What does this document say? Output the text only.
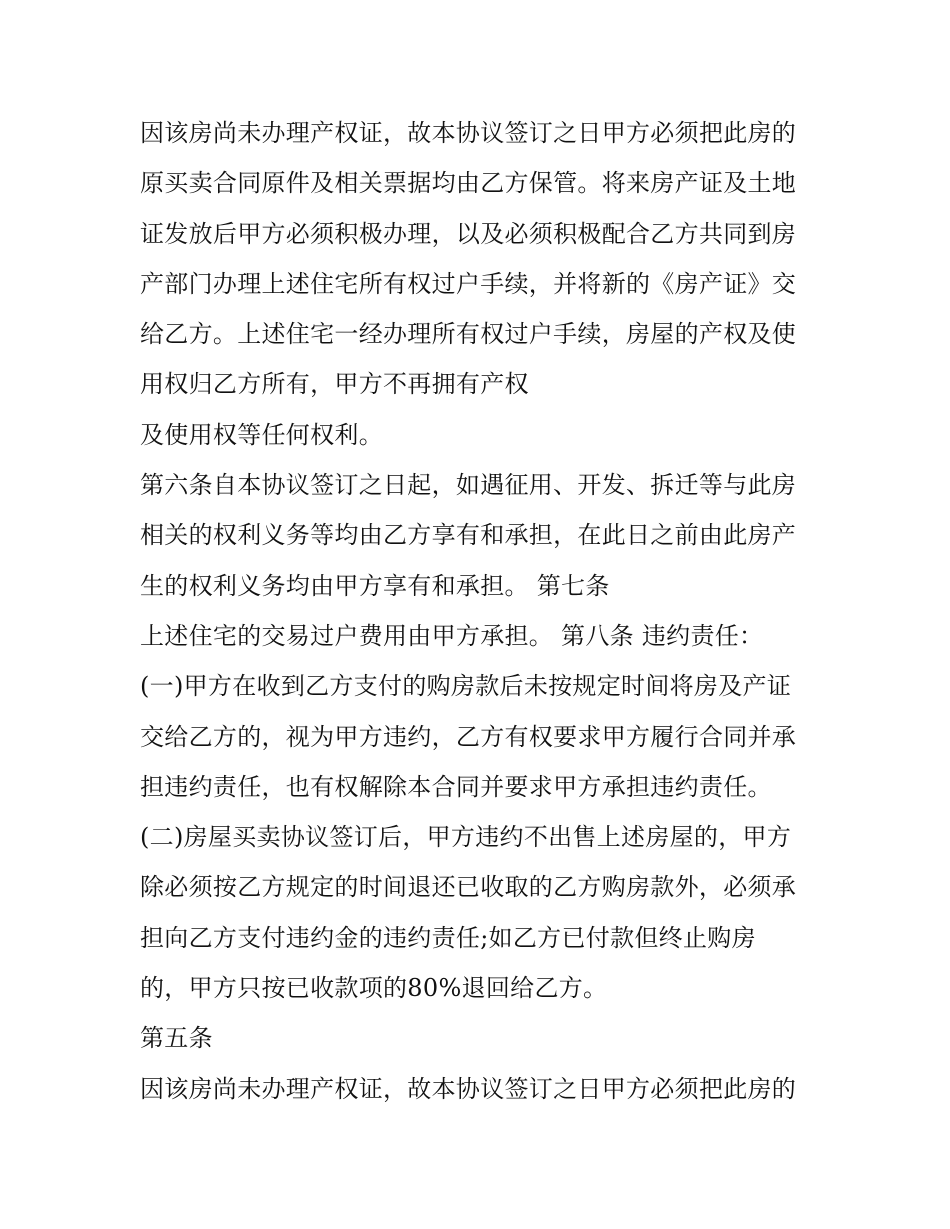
因该房尚未办理产权证，故本协议签订之日甲方必须把此房的
原买卖合同原件及相关票据均由乙方保管。将来房产证及土地
证发放后甲方必须积极办理，以及必须积极配合乙方共同到房
产部门办理上述住宅所有权过户手续，并将新的《房产证》交
给乙方。上述住宅一经办理所有权过户手续，房屋的产权及使
用权归乙方所有，甲方不再拥有产权
及使用权等任何权利。
第六条自本协议签订之日起，如遇征用、开发、拆迁等与此房
相关的权利义务等均由乙方享有和承担，在此日之前由此房产
生的权利义务均由甲方享有和承担。 第七条
上述住宅的交易过户费用由甲方承担。 第八条 违约责任：
(一)甲方在收到乙方支付的购房款后未按规定时间将房及产证
交给乙方的，视为甲方违约，乙方有权要求甲方履行合同并承
担违约责任，也有权解除本合同并要求甲方承担违约责任。
(二)房屋买卖协议签订后，甲方违约不出售上述房屋的，甲方
除必须按乙方规定的时间退还已收取的乙方购房款外，必须承
担向乙方支付违约金的违约责任;如乙方已付款但终止购房
的，甲方只按已收款项的80%退回给乙方。
第五条
因该房尚未办理产权证，故本协议签订之日甲方必须把此房的
